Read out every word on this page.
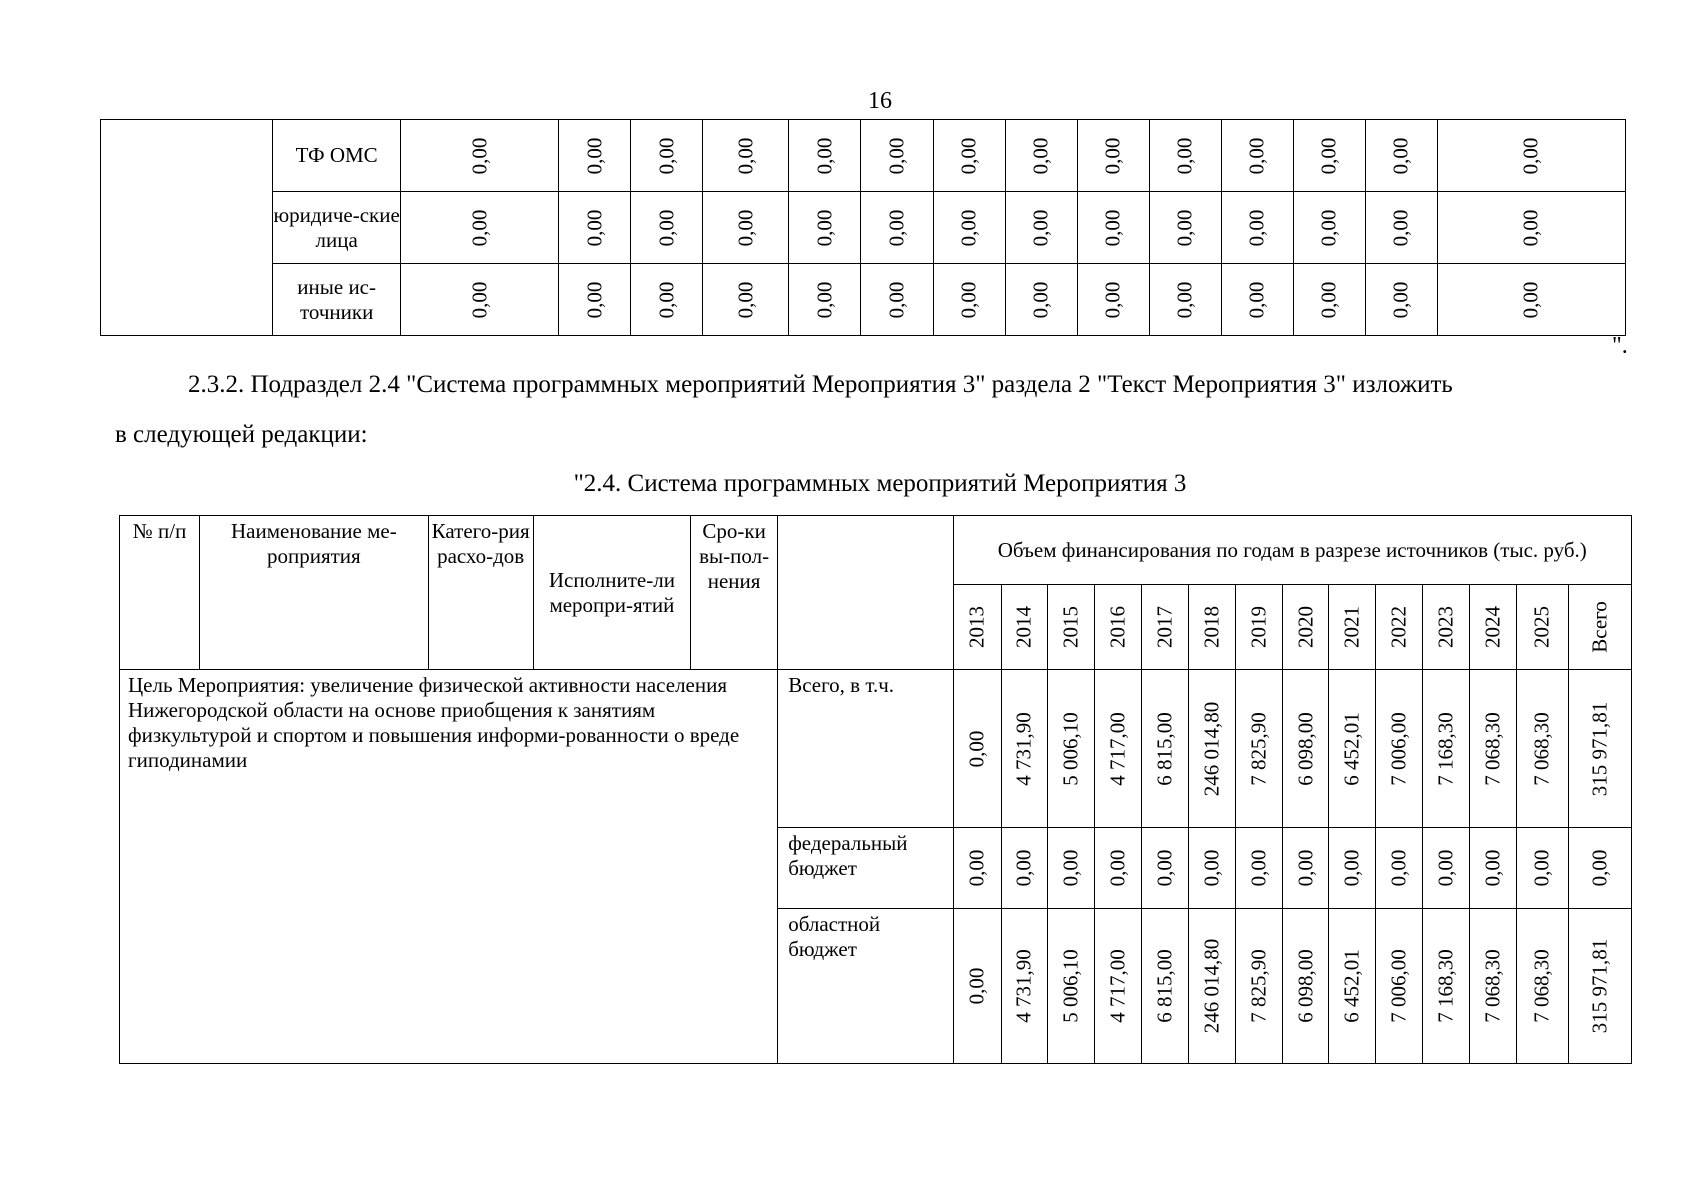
16
	ТФ ОМС	0,00	0,00	0,00	0,00	0,00	0,00	0,00	0,00	0,00	0,00	0,00	0,00	0,00	0,00

	юридиче-ские лица	0,00	0,00	0,00	0,00	0,00	0,00	0,00	0,00	0,00	0,00	0,00	0,00	0,00	0,00

	иные ис-точники	0,00	0,00	0,00	0,00	0,00	0,00	0,00	0,00	0,00	0,00	0,00	0,00	0,00	0,00
".
2.3.2. Подраздел 2.4 "Система программных мероприятий Мероприятия 3" раздела 2 "Текст Мероприятия 3" изложить
в следующей редакции:
"2.4. Система программных мероприятий Мероприятия 3
№ п/п	Наименование ме-роприятия	Катего-рия расхо-дов	Исполните-ли меропри-ятий	Сро-ки вы-пол-нения		Объем финансирования по годам в разрезе источников (тыс. руб.)													

						2013	2014	2015	2016	2017	2018	2019	2020	2021	2022	2023	2024	2025	Всего

Цель Мероприятия: увеличение физической активности населения Нижегородской области на основе приобщения к занятиям физкультурой и спортом и повышения информи-рованности о вреде гиподинамии					Всего, в т.ч.	0,00	4 731,90	5 006,10	4 717,00	6 815,00	246 014,80	7 825,90	6 098,00	6 452,01	7 006,00	7 168,30	7 068,30	7 068,30	315 971,81

					федеральный бюджет	0,00	0,00	0,00	0,00	0,00	0,00	0,00	0,00	0,00	0,00	0,00	0,00	0,00	0,00

					областной бюджет	0,00	4 731,90	5 006,10	4 717,00	6 815,00	246 014,80	7 825,90	6 098,00	6 452,01	7 006,00	7 168,30	7 068,30	7 068,30	315 971,81
